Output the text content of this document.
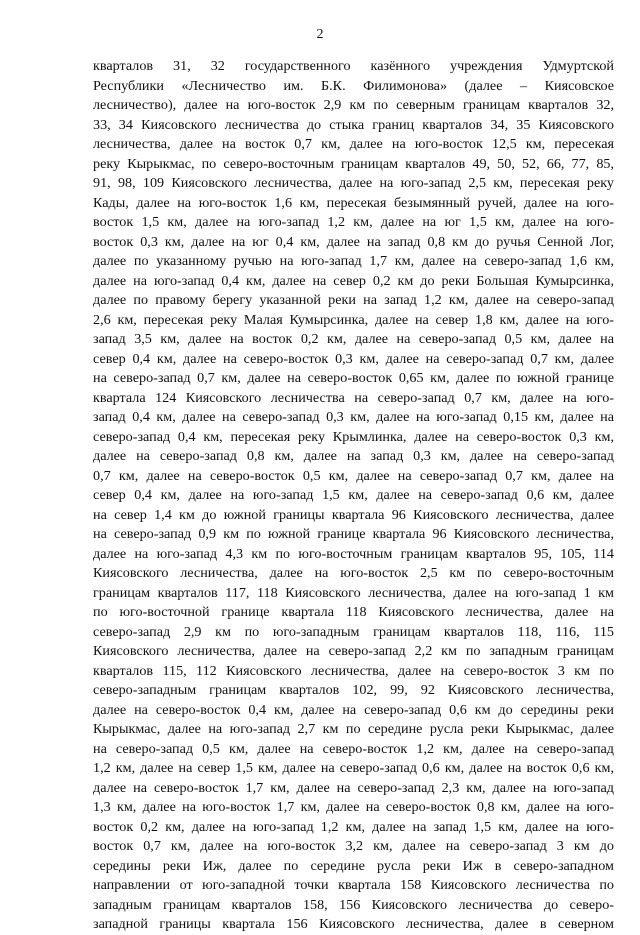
2
кварталов 31, 32 государственного казённого учреждения Удмуртской
Республики «Лесничество им. Б.К. Филимонова» (далее – Киясовское
лесничество), далее на юго-восток 2,9 км по северным границам кварталов 32,
33, 34 Киясовского лесничества до стыка границ кварталов 34, 35 Киясовского
лесничества, далее на восток 0,7 км, далее на юго-восток 12,5 км, пересекая
реку Кырыкмас, по северо-восточным границам кварталов 49, 50, 52, 66, 77, 85,
91, 98, 109 Киясовского лесничества, далее на юго-запад 2,5 км, пересекая реку
Кады, далее на юго-восток 1,6 км, пересекая безымянный ручей, далее на юго-
восток 1,5 км, далее на юго-запад 1,2 км, далее на юг 1,5 км, далее на юго-
восток 0,3 км, далее на юг 0,4 км, далее на запад 0,8 км до ручья Сенной Лог,
далее по указанному ручью на юго-запад 1,7 км, далее на северо-запад 1,6 км,
далее на юго-запад 0,4 км, далее на север 0,2 км до реки Большая Кумырсинка,
далее по правому берегу указанной реки на запад 1,2 км, далее на северо-запад
2,6 км, пересекая реку Малая Кумырсинка, далее на север 1,8 км, далее на юго-
запад 3,5 км, далее на восток 0,2 км, далее на северо-запад 0,5 км, далее на
север 0,4 км, далее на северо-восток 0,3 км, далее на северо-запад 0,7 км, далее
на северо-запад 0,7 км, далее на северо-восток 0,65 км, далее по южной границе
квартала 124 Киясовского лесничества на северо-запад 0,7 км, далее на юго-
запад 0,4 км, далее на северо-запад 0,3 км, далее на юго-запад 0,15 км, далее на
северо-запад 0,4 км, пересекая реку Крымлинка, далее на северо-восток 0,3 км,
далее на северо-запад 0,8 км, далее на запад 0,3 км, далее на северо-запад
0,7 км, далее на северо-восток 0,5 км, далее на северо-запад 0,7 км, далее на
север 0,4 км, далее на юго-запад 1,5 км, далее на северо-запад 0,6 км, далее
на север 1,4 км до южной границы квартала 96 Киясовского лесничества, далее
на северо-запад 0,9 км по южной границе квартала 96 Киясовского лесничества,
далее на юго-запад 4,3 км по юго-восточным границам кварталов 95, 105, 114
Киясовского лесничества, далее на юго-восток 2,5 км по северо-восточным
границам кварталов 117, 118 Киясовского лесничества, далее на юго-запад 1 км
по юго-восточной границе квартала 118 Киясовского лесничества, далее на
северо-запад 2,9 км по юго-западным границам кварталов 118, 116, 115
Киясовского лесничества, далее на северо-запад 2,2 км по западным границам
кварталов 115, 112 Киясовского лесничества, далее на северо-восток 3 км по
северо-западным границам кварталов 102, 99, 92 Киясовского лесничества,
далее на северо-восток 0,4 км, далее на северо-запад 0,6 км до середины реки
Кырыкмас, далее на юго-запад 2,7 км по середине русла реки Кырыкмас, далее
на северо-запад 0,5 км, далее на северо-восток 1,2 км, далее на северо-запад
1,2 км, далее на север 1,5 км, далее на северо-запад 0,6 км, далее на восток 0,6 км,
далее на северо-восток 1,7 км, далее на северо-запад 2,3 км, далее на юго-запад
1,3 км, далее на юго-восток 1,7 км, далее на северо-восток 0,8 км, далее на юго-
восток 0,2 км, далее на юго-запад 1,2 км, далее на запад 1,5 км, далее на юго-
восток 0,7 км, далее на юго-восток 3,2 км, далее на северо-запад 3 км до
середины реки Иж, далее по середине русла реки Иж в северо-западном
направлении от юго-западной точки квартала 158 Киясовского лесничества по
западным границам кварталов 158, 156 Киясовского лесничества до северо-
западной границы квартала 156 Киясовского лесничества, далее в северном
